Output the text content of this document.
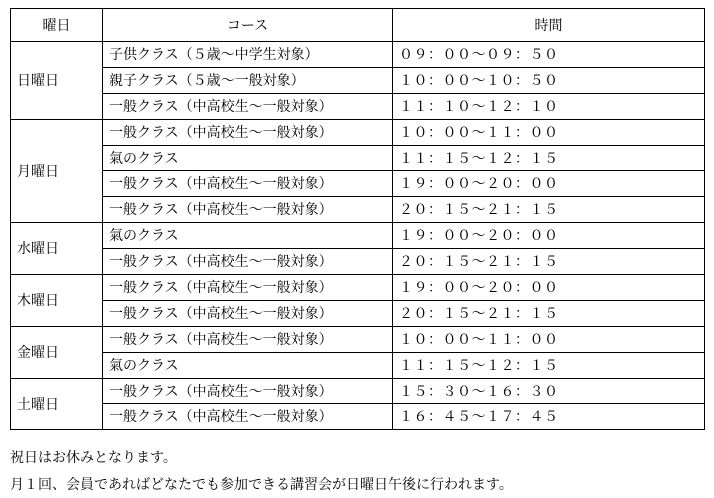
曜日	コース	時間
日曜日	子供クラス（５歳〜中学生対象）	０９：００〜０９：５０
	親子クラス（５歳〜一般対象）	１０：００〜１０：５０
	一般クラス（中高校生〜一般対象）	１１：１０〜１２：１０
月曜日	一般クラス（中高校生〜一般対象）	１０：００〜１１：００
	氣のクラス	１１：１５〜１２：１５
	一般クラス（中高校生〜一般対象）	１９：００〜２０：００
	一般クラス（中高校生〜一般対象）	２０：１５〜２１：１５
水曜日	氣のクラス	１９：００〜２０：００
	一般クラス（中高校生〜一般対象）	２０：１５〜２１：１５
木曜日	一般クラス（中高校生〜一般対象）	１９：００〜２０：００
	一般クラス（中高校生〜一般対象）	２０：１５〜２１：１５
金曜日	一般クラス（中高校生〜一般対象）	１０：００〜１１：００
	氣のクラス	１１：１５〜１２：１５
土曜日	一般クラス（中高校生〜一般対象）	１５：３０〜１６：３０
	一般クラス（中高校生〜一般対象）	１６：４５〜１７：４５
祝日はお休みとなります。
月１回、会員であればどなたでも参加できる講習会が日曜日午後に行われます。
